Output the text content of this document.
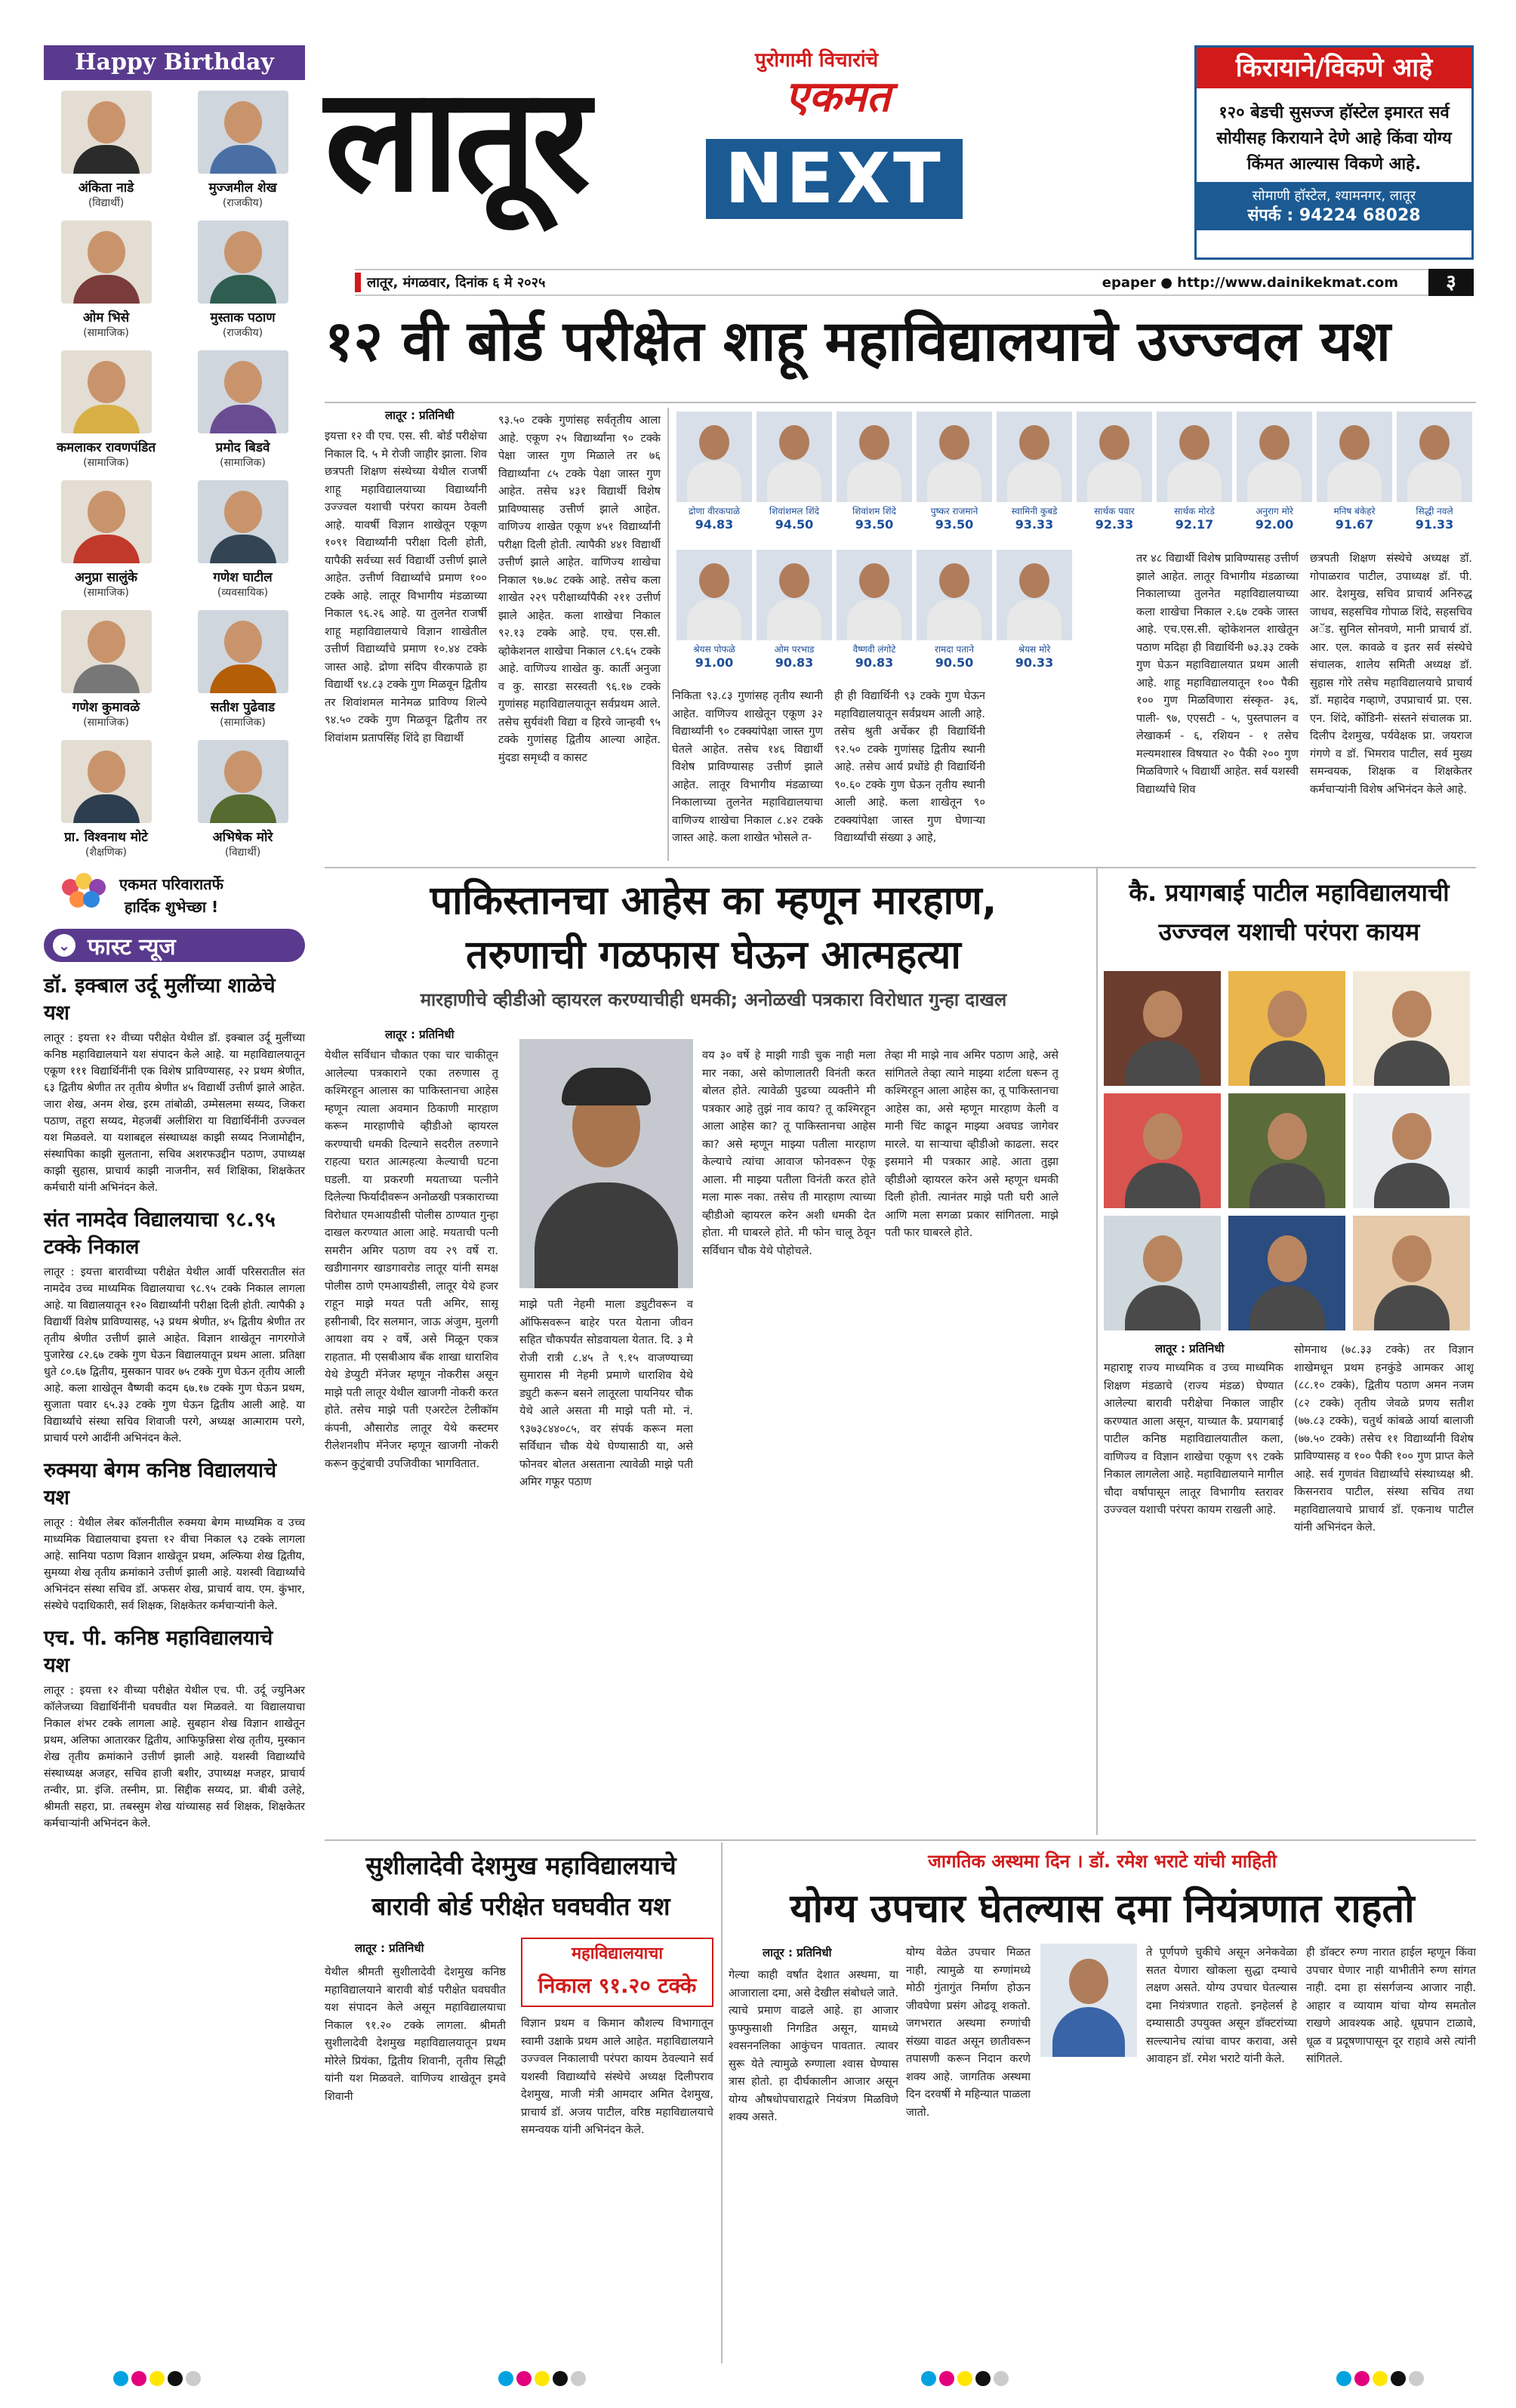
Happy Birthday
अंकिता नाडे
(विद्यार्थी)
मुज्जमील शेख
(राजकीय)
ओम भिसे
(सामाजिक)
मुस्ताक पठाण
(राजकीय)
कमलाकर रावणपंडित
(सामाजिक)
प्रमोद बिडवे
(सामाजिक)
अनुप्रा सालुंके
(सामाजिक)
गणेश घाटील
(व्यवसायिक)
गणेश कुमावळे
(सामाजिक)
सतीश पुढेवाड
(सामाजिक)
प्रा. विश्वनाथ मोटे
(शैक्षणिक)
अभिषेक मोरे
(विद्यार्थी)
एकमत परिवारातर्फे
हार्दिक शुभेच्छा !
⌄ फास्ट न्यूज
डॉ. इक्बाल उर्दू मुलींच्या शाळेचे यश
लातूर : इयत्ता १२ वीच्या परीक्षेत येथील डॉ. इक्बाल उर्दू मुलींच्या कनिष्ठ महाविद्यालयाने यश संपादन केले आहे. या महाविद्यालयातून एकूण १११ विद्यार्थिनींनी एक विशेष प्राविण्यासह, २२ प्रथम श्रेणीत, ६३ द्वितीय श्रेणीत तर तृतीय श्रेणीत ४५ विद्यार्थी उत्तीर्ण झाले आहेत. जारा शेख, अनम शेख, इरम तांबोळी, उम्मेसलमा सय्यद, जिकरा पठाण, तहूरा सय्यद, मेहजबीं अलीशिरा या विद्यार्थिनींनी उज्ज्वल यश मिळवले. या यशाबद्दल संस्थाध्यक्ष काझी सय्यद निजामोद्दीन, संस्थापिका काझी सुलताना, सचिव अशरफउद्दीन पठाण, उपाध्यक्ष काझी सुहास, प्राचार्य काझी नाजनीन, सर्व शिक्षिका, शिक्षकेतर कर्मचारी यांनी अभिनंदन केले.
संत नामदेव विद्यालयाचा ९८.९५ टक्के निकाल
लातूर : इयत्ता बारावीच्या परीक्षेत येथील आर्वी परिसरातील संत नामदेव उच्च माध्यमिक विद्यालयाचा ९८.९५ टक्के निकाल लागला आहे. या विद्यालयातून १२० विद्यार्थ्यांनी परीक्षा दिली होती. त्यापैकी ३ विद्यार्थी विशेष प्राविण्यासह, ५३ प्रथम श्रेणीत, ४५ द्वितीय श्रेणीत तर तृतीय श्रेणीत उत्तीर्ण झाले आहेत. विज्ञान शाखेतून नागरगोजे पुजारेख ८२.६७ टक्के गुण घेऊन विद्यालयातून प्रथम आला. प्रतिक्षा धुते ८०.६७ द्वितीय, मुसकान पावर ७५ टक्के गुण घेऊन तृतीय आली आहे. कला शाखेतून वैष्णवी कदम ६७.१७ टक्के गुण घेऊन प्रथम, सुजाता पवार ६५.३३ टक्के गुण घेऊन द्वितीय आली आहे. या विद्यार्थ्यांचे संस्था सचिव शिवाजी परगे, अध्यक्ष आत्माराम परगे, प्राचार्य परगे आदींनी अभिनंदन केले.
रुक्मया बेगम कनिष्ठ विद्यालयाचे यश
लातूर : येथील लेबर कॉलनीतील रुक्मया बेगम माध्यमिक व उच्च माध्यमिक विद्यालयाचा इयत्ता १२ वीचा निकाल ९३ टक्के लागला आहे. सानिया पठाण विज्ञान शाखेतून प्रथम, अल्फिया शेख द्वितीय, सुमय्या शेख तृतीय क्रमांकाने उत्तीर्ण झाली आहे. यशस्वी विद्यार्थ्यांचे अभिनंदन संस्था सचिव डॉ. अफसर शेख, प्राचार्य वाय. एम. कुंभार, संस्थेचे पदाधिकारी, सर्व शिक्षक, शिक्षकेतर कर्मचाऱ्यांनी केले.
एच. पी. कनिष्ठ महाविद्यालयाचे यश
लातूर : इयत्ता १२ वीच्या परीक्षेत येथील एच. पी. उर्दू ज्युनिअर कॉलेजच्या विद्यार्थिनींनी घवघवीत यश मिळवले. या विद्यालयाचा निकाल शंभर टक्के लागला आहे. सुबहान शेख विज्ञान शाखेतून प्रथम, अलिफा आतारकर द्वितीय, आफिफुन्निसा शेख तृतीय, मुस्कान शेख तृतीय क्रमांकाने उत्तीर्ण झाली आहे. यशस्वी विद्यार्थ्यांचे संस्थाध्यक्ष अजहर, सचिव हाजी बशीर, उपाध्यक्ष मजहर, प्राचार्य तन्वीर, प्रा. इंजि. तस्नीम, प्रा. सिद्दीक सय्यद, प्रा. बीबी उलेहे, श्रीमती सहरा, प्रा. तबस्सुम शेख यांच्यासह सर्व शिक्षक, शिक्षकेतर कर्मचाऱ्यांनी अभिनंदन केले.
लातूर	पुरोगामी विचारांचे
एकमत
NEXT
किरायाने/विकणे आहे
१२० बेडची सुसज्ज हॉस्टेल इमारत सर्व सोयीसह किरायाने देणे आहे किंवा योग्य किंमत आल्यास विकणे आहे.
सोमाणी हॉस्टेल, श्यामनगर, लातूर
संपर्क : 94224 68028
लातूर, मंगळवार, दिनांक ६ मे २०२५	epaper ● http://www.dainikekmat.com	३
१२ वी बोर्ड परीक्षेत शाहू महाविद्यालयाचे उज्ज्वल यश
लातूर : प्रतिनिधी
इयत्ता १२ वी एच. एस. सी. बोर्ड परीक्षेचा निकाल दि. ५ मे रोजी जाहीर झाला. शिव छत्रपती शिक्षण संस्थेच्या येथील राजर्षी शाहू महाविद्यालयाच्या विद्यार्थ्यांनी उज्ज्वल यशाची परंपरा कायम ठेवली आहे. यावर्षी विज्ञान शाखेतून एकूण १०९१ विद्यार्थ्यांनी परीक्षा दिली होती, यापैकी सर्वच्या सर्व विद्यार्थी उत्तीर्ण झाले आहेत. उत्तीर्ण विद्यार्थ्यांचे प्रमाण १०० टक्के आहे. लातूर विभागीय मंडळाच्या निकाल ९६.२६ आहे. या तुलनेत राजर्षी शाहू महाविद्यालयाचे विज्ञान शाखेतील उत्तीर्ण विद्यार्थ्यांचे प्रमाण १०.४४ टक्के जास्त आहे. द्रोणा संदिप वीरकपाळे हा विद्यार्थी ९४.८३ टक्के गुण मिळवून द्वितीय तर शिवांशमल मानेमळ प्राविण्य शिल्पे ९४.५० टक्के गुण मिळवून द्वितीय तर शिवांशम प्रतापसिंह शिंदे हा विद्यार्थी
९३.५० टक्के गुणांसह सर्वतृतीय आला आहे. एकूण २५ विद्यार्थ्यांना ९० टक्के पेक्षा जास्त गुण मिळाले तर ७६ विद्यार्थ्यांना ८५ टक्के पेक्षा जास्त गुण आहेत. तसेच ४३१ विद्यार्थी विशेष प्राविण्यासह उत्तीर्ण झाले आहेत. वाणिज्य शाखेत एकूण ४५१ विद्यार्थ्यांनी परीक्षा दिली होती. त्यापैकी ४४१ विद्यार्थी उत्तीर्ण झाले आहेत. वाणिज्य शाखेचा निकाल ९७.७८ टक्के आहे. तसेच कला शाखेत २२९ परीक्षार्थ्यांपैकी २११ उत्तीर्ण झाले आहेत. कला शाखेचा निकाल ९२.१३ टक्के आहे. एच. एस.सी. व्होकेशनल शाखेचा निकाल ८९.६५ टक्के आहे. वाणिज्य शाखेत कु. कार्ती अनुजा व कु. सारडा सरस्वती ९६.१७ टक्के गुणांसह महाविद्यालयातून सर्वप्रथम आले. तसेच सुर्यवंशी विद्या व हिरवे जान्हवी ९५ टक्के गुणांसह द्वितीय आल्या आहेत. मुंदडा समृध्दी व कासट
द्रोणा वीरकपाळे
94.83
शिवांशमल शिंदे
94.50
शिवांशम शिंदे
93.50
पुष्कर राजमाने
93.50
स्वामिनी कुबडे
93.33
सार्थक पवार
92.33
सार्थक मोरडे
92.17
अनुराग मोरे
92.00
मनिष बंकेहरे
91.67
सिद्धी नवले
91.33
श्रेयस पोफळे
91.00
ओम परभाड
90.83
वैष्णवी लंगोटे
90.83
रामदा पताने
90.50
श्रेयस मोरे
90.33
निकिता ९३.८३ गुणांसह तृतीय स्थानी आहेत. वाणिज्य शाखेतून एकूण ३२ विद्यार्थ्यांनी ९० टक्क्यांपेक्षा जास्त गुण घेतले आहेत. तसेच १४६ विद्यार्थी विशेष प्राविण्यासह उत्तीर्ण झाले आहेत. लातूर विभागीय मंडळाच्या निकालाच्या तुलनेत महाविद्यालयाचा वाणिज्य शाखेचा निकाल ८.४२ टक्के जास्त आहे. कला शाखेत भोसले त-
ही ही विद्यार्थिनी ९३ टक्के गुण घेऊन महाविद्यालयातून सर्वप्रथम आली आहे. तसेच श्रुती अर्चेकर ही विद्यार्थिनी ९२.५० टक्के गुणांसह द्वितीय स्थानी आहे. तसेच आर्य प्रधोंडे ही विद्यार्थिनी ९०.६० टक्के गुण घेऊन तृतीय स्थानी आली आहे. कला शाखेतून ९० टक्क्यांपेक्षा जास्त गुण घेणाऱ्या विद्यार्थ्यांची संख्या ३ आहे,
तर ४८ विद्यार्थी विशेष प्राविण्यासह उत्तीर्ण झाले आहेत. लातूर विभागीय मंडळाच्या निकालाच्या तुलनेत महाविद्यालयाच्या कला शाखेचा निकाल २.६७ टक्के जास्त आहे. एच.एस.सी. व्होकेशनल शाखेतून पठाण मदिहा ही विद्यार्थिनी ७३.३३ टक्के गुण घेऊन महाविद्यालयात प्रथम आली आहे. शाहू महाविद्यालयातून १०० पैकी १०० गुण मिळविणारा संस्कृत- ३६, पाली- ९७, एएसटी - ५, पुस्तपालन व लेखाकर्म - ६, रशियन - १ तसेच मल्यमशास्त्र विषयात २० पैकी २०० गुण मिळविणारे ५ विद्यार्थी आहेत. सर्व यशस्वी विद्यार्थ्यांचे शिव
छत्रपती शिक्षण संस्थेचे अध्यक्ष डॉ. गोपाळराव पाटील, उपाध्यक्ष डॉ. पी. आर. देशमुख, सचिव प्राचार्य अनिरुद्ध जाधव, सहसचिव गोपाळ शिंदे, सहसचिव अॅड. सुनिल सोनवणे, मानी प्राचार्य डॉ. आर. एल. कावळे व इतर सर्व संस्थेचे संचालक, शालेय समिती अध्यक्ष डॉ. सुहास गोरे तसेच महाविद्यालयाचे प्राचार्य डॉ. महादेव गव्हाणे, उपप्राचार्य प्रा. एस. एन. शिंदे, कोंडिनी- संस्तने संचालक प्रा. दिलीप देशमुख, पर्यवेक्षक प्रा. जयराज गंगणे व डॉ. भिमराव पाटील, सर्व मुख्य समन्वयक, शिक्षक व शिक्षकेतर कर्मचाऱ्यांनी विशेष अभिनंदन केले आहे.
पाकिस्तानचा आहेस का म्हणून मारहाण,
तरुणाची गळफास घेऊन आत्महत्या
मारहाणीचे व्हीडीओ व्हायरल करण्याचीही धमकी; अनोळखी पत्रकारा विरोधात गुन्हा दाखल
लातूर : प्रतिनिधी
येथील सर्विधान चौकात एका चार चाकीतून आलेल्या पत्रकाराने एका तरुणास तू कश्मिरहून आलास का पाकिस्तानचा आहेस म्हणून त्याला अवमान ठिकाणी मारहाण करून मारहाणीचे व्हीडीओ व्हायरल करण्याची धमकी दिल्याने सदरील तरुणाने राहत्या घरात आत्महत्या केल्याची घटना घडली. या प्रकरणी मयताच्या पत्नीने दिलेल्या फिर्यादीवरून अनोळखी पत्रकाराच्या विरोधात एमआयडीसी पोलीस ठाण्यात गुन्हा दाखल करण्यात आला आहे. मयताची पत्नी समरीन अमिर पठाण वय २९ वर्षे रा. खडीगानगर खाडगावरोड लातूर यांनी समक्ष पोलीस ठाणे एमआयडीसी, लातूर येथे हजर राहून माझे मयत पती अमिर, सासू हसीनाबी, दिर सलमान, जाऊ अंजुम, मुलगी आयशा वय २ वर्षे, असे मिळून एकत्र राहतात. मी एसबीआय बँक शाखा धाराशिव येथे डेप्युटी मॅनेजर म्हणून नोकरीस असून माझे पती लातूर येथील खाजगी नोकरी करत होते. तसेच माझे पती एअरटेल टेलीकॉम कंपनी, औसारोड लातूर येथे कस्टमर रीलेशनशीप मॅनेजर म्हणून खाजगी नोकरी करून कुटुंबाची उपजिवीका भागवितात.
माझे पती नेहमी माला ड्युटीवरून व ऑफिसवरून बाहेर परत येताना जीवन सहित चौकपर्यंत सोडवायला येतात. दि. ३ मे रोजी रात्री ८.४५ ते ९.१५ वाजण्याच्या सुमारास मी नेहमी प्रमाणे धाराशिव येथे ड्युटी करून बसने लातूरला पायनियर चौक येथे आले असता मी माझे पती मो. नं. ९३७३८४४०८५, वर संपर्क करून मला सर्विधान चौक येथे घेण्यासाठी या, असे फोनवर बोलत असताना त्यावेळी माझे पती अमिर गफूर पठाण
वय ३० वर्षे हे माझी गाडी चुक नाही मला मार नका, असे कोणालातरी विनंती करत बोलत होते. त्यावेळी पुढच्या व्यक्तीने मी पत्रकार आहे तुझं नाव काय? तू कश्मिरहून आला आहेस का? तू पाकिस्तानचा आहेस का? असे म्हणून माझ्या पतीला मारहाण केल्याचे त्यांचा आवाज फोनवरून ऐकू आला. मी माझ्या पतीला विनंती करत होते मला मारू नका. तसेच ती मारहाण त्याच्या व्हीडीओ व्हायरल करेन अशी धमकी देत होता. मी घाबरले होते. मी फोन चालू ठेवून सर्विधान चौक येथे पोहोचले.
तेव्हा मी माझे नाव अमिर पठाण आहे, असे सांगितले तेव्हा त्याने माझ्या शर्टला धरून तू कश्मिरहून आला आहेस का, तू पाकिस्तानचा आहेस का, असे म्हणून मारहाण केली व मानी चिंट काढून माझ्या अवघड जागेवर मारले. या साऱ्याचा व्हीडीओ काढला. सदर इसमाने मी पत्रकार आहे. आता तुझा व्हीडीओ व्हायरल करेन असे म्हणून धमकी दिली होती. त्यानंतर माझे पती घरी आले आणि मला सगळा प्रकार सांगितला. माझे पती फार घाबरले होते.
कै. प्रयागबाई पाटील महाविद्यालयाची
उज्ज्वल यशाची परंपरा कायम
लातूर : प्रतिनिधी
महाराष्ट्र राज्य माध्यमिक व उच्च माध्यमिक शिक्षण मंडळाचे (राज्य मंडळ) घेण्यात आलेल्या बारावी परीक्षेचा निकाल जाहीर करण्यात आला असून, याच्यात कै. प्रयागबाई पाटील कनिष्ठ महाविद्यालयातील कला, वाणिज्य व विज्ञान शाखेचा एकूण ९९ टक्के निकाल लागलेला आहे. महाविद्यालयाने मागील चौदा वर्षापासून लातूर विभागीय स्तरावर उज्ज्वल यशाची परंपरा कायम राखली आहे.
सोमनाथ (७८.३३ टक्के) तर विज्ञान शाखेमधून प्रथम हनकुंडे आमकर आशू (८८.१० टक्के), द्वितीय पठाण अमन नजम (८२ टक्के) तृतीय जेवळे प्रणय सतीश (७७.८३ टक्के), चतुर्थ कांबळे आर्या बालाजी (७७.५० टक्के) तसेच ११ विद्यार्थ्यांनी विशेष प्राविण्यासह व १०० पैकी १०० गुण प्राप्त केले आहे. सर्व गुणवंत विद्यार्थ्यांचे संस्थाध्यक्ष श्री. किसनराव पाटील, संस्था सचिव तथा महाविद्यालयाचे प्राचार्य डॉ. एकनाथ पाटील यांनी अभिनंदन केले.
सुशीलादेवी देशमुख महाविद्यालयाचे
बारावी बोर्ड परीक्षेत घवघवीत यश
लातूर : प्रतिनिधी	महाविद्यालयाचा
निकाल ९१.२० टक्के
येथील श्रीमती सुशीलादेवी देशमुख कनिष्ठ महाविद्यालयाने बारावी बोर्ड परीक्षेत घवघवीत यश संपादन केले असून महाविद्यालयाचा निकाल ९१.२० टक्के लागला. श्रीमती सुशीलादेवी देशमुख महाविद्यालयातून प्रथम मोरेले प्रियंका, द्वितीय शिवानी, तृतीय सिद्धी यांनी यश मिळवले. वाणिज्य शाखेतून इमवे शिवानी
विज्ञान प्रथम व किमान कौशल्य विभागातून स्वामी उक्षाके प्रथम आले आहेत. महाविद्यालयाने उज्ज्वल निकालाची परंपरा कायम ठेवल्याने सर्व यशस्वी विद्यार्थ्यांचे संस्थेचे अध्यक्ष दिलीपराव देशमुख, माजी मंत्री आमदार अमित देशमुख, प्राचार्य डॉ. अजय पाटील, वरिष्ठ महाविद्यालयाचे समन्वयक यांनी अभिनंदन केले.
जागतिक अस्थमा दिन । डॉ. रमेश भराटे यांची माहिती
योग्य उपचार घेतल्यास दमा नियंत्रणात राहतो
लातूर : प्रतिनिधी
गेल्या काही वर्षांत देशात अस्थमा, या आजाराला दमा, असे देखील संबोधले जाते. त्याचे प्रमाण वाढले आहे. हा आजार फुफ्फुसाशी निगडित असून, यामध्ये श्वसननलिका आकुंचन पावतात. त्यावर सुरू येते त्यामुळे रुग्णाला श्वास घेण्यास त्रास होतो. हा दीर्घकालीन आजार असून योग्य औषधोपचाराद्वारे नियंत्रण मिळविणे शक्य असते.
योग्य वेळेत उपचार मिळत नाही, त्यामुळे या रुग्णांमध्ये मोठी गुंतागुंत निर्माण होऊन जीवघेणा प्रसंग ओढवू शकतो. जगभरात अस्थमा रुग्णांची संख्या वाढत असून छातीवरून तपासणी करून निदान करणे शक्य आहे. जागतिक अस्थमा दिन दरवर्षी मे महिन्यात पाळला जातो.
ते पूर्णपणे चुकीचे असून अनेकवेळा सतत येणारा खोकला सुद्धा दम्याचे लक्षण असते. योग्य उपचार घेतल्यास दमा नियंत्रणात राहतो. इनहेलर्स हे दम्यासाठी उपयुक्त असून डॉक्टरांच्या सल्ल्यानेच त्यांचा वापर करावा, असे आवाहन डॉ. रमेश भराटे यांनी केले.
ही डॉक्टर रुग्ण नारात हाईल म्हणून किंवा उपचार घेणार नाही याभीतीने रुग्ण सांगत नाही. दमा हा संसर्गजन्य आजार नाही. आहार व व्यायाम यांचा योग्य समतोल राखणे आवश्यक आहे. धूम्रपान टाळावे, धूळ व प्रदूषणापासून दूर राहावे असे त्यांनी सांगितले.
